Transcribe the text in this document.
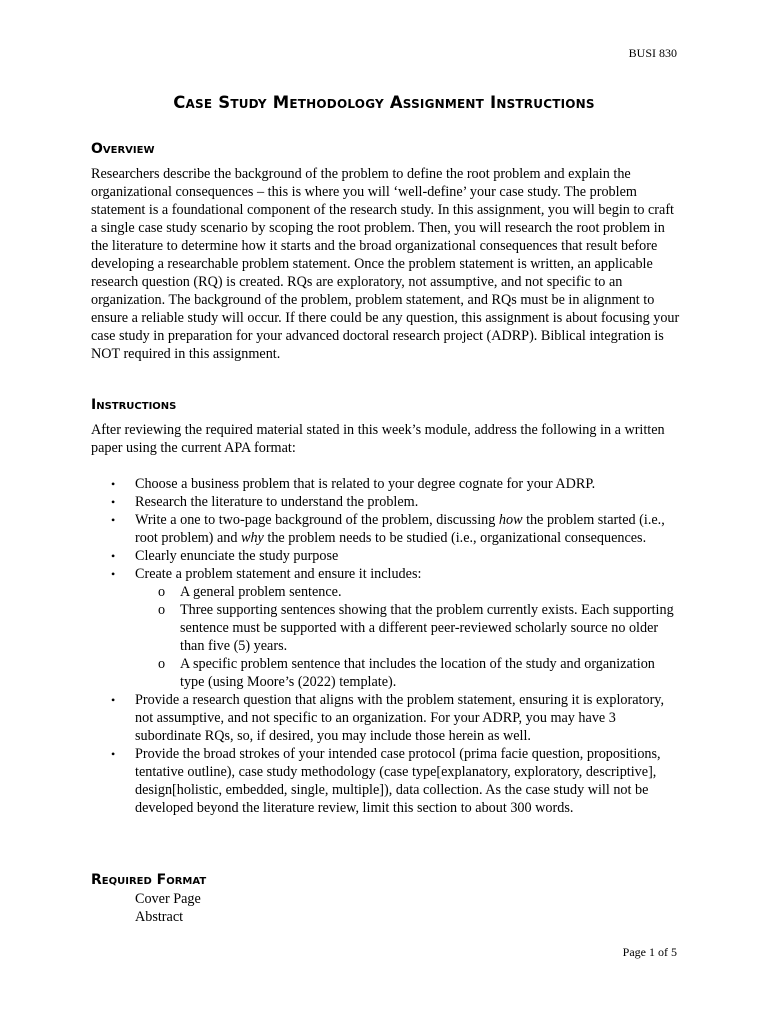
BUSI 830
Case Study Methodology Assignment Instructions
Overview

Researchers describe the background of the problem to define the root problem and explain the organizational consequences – this is where you will ‘well-define’ your case study. The problem statement is a foundational component of the research study. In this assignment, you will begin to craft a single case study scenario by scoping the root problem. Then, you will research the root problem in the literature to determine how it starts and the broad organizational consequences that result before developing a researchable problem statement. Once the problem statement is written, an applicable research question (RQ) is created. RQs are exploratory, not assumptive, and not specific to an organization. The background of the problem, problem statement, and RQs must be in alignment to ensure a reliable study will occur. If there could be any question, this assignment is about focusing your case study in preparation for your advanced doctoral research project (ADRP). Biblical integration is NOT required in this assignment.

Instructions

After reviewing the required material stated in this week’s module, address the following in a written paper using the current APA format:

• Choose a business problem that is related to your degree cognate for your ADRP.
• Research the literature to understand the problem.
• Write a one to two-page background of the problem, discussing how the problem started (i.e., root problem) and why the problem needs to be studied (i.e., organizational consequences.
• Clearly enunciate the study purpose
• Create a problem statement and ensure it includes:
o A general problem sentence.
o Three supporting sentences showing that the problem currently exists. Each supporting sentence must be supported with a different peer-reviewed scholarly source no older than five (5) years.
o A specific problem sentence that includes the location of the study and organization type (using Moore’s (2022) template).
• Provide a research question that aligns with the problem statement, ensuring it is exploratory, not assumptive, and not specific to an organization. For your ADRP, you may have 3 subordinate RQs, so, if desired, you may include those herein as well.
• Provide the broad strokes of your intended case protocol (prima facie question, propositions, tentative outline), case study methodology (case type[explanatory, exploratory, descriptive], design[holistic, embedded, single, multiple]), data collection. As the case study will not be developed beyond the literature review, limit this section to about 300 words.
Required Format
Cover Page
Abstract
Page 1 of 5
